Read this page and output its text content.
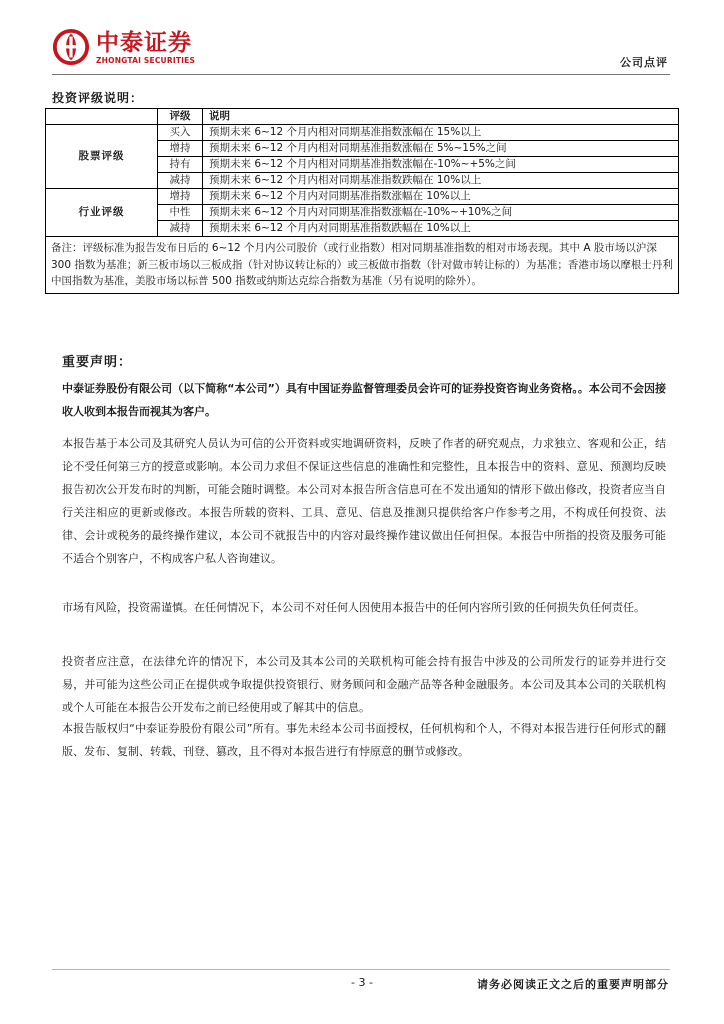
中泰证券
ZHONGTAI SECURITIES	公司点评
投资评级说明：
	评级	说明
股票评级	买入	预期未来 6~12 个月内相对同期基准指数涨幅在 15%以上
	增持	预期未来 6~12 个月内相对同期基准指数涨幅在 5%~15%之间
	持有	预期未来 6~12 个月内相对同期基准指数涨幅在-10%~+5%之间
	减持	预期未来 6~12 个月内相对同期基准指数跌幅在 10%以上
行业评级	增持	预期未来 6~12 个月内对同期基准指数涨幅在 10%以上
	中性	预期未来 6~12 个月内对同期基准指数涨幅在-10%~+10%之间
	减持	预期未来 6~12 个月内对同期基准指数跌幅在 10%以上
备注：评级标准为报告发布日后的 6~12 个月内公司股价（或行业指数）相对同期基准指数的相对市场表现。其中 A 股市场以沪深 300 指数为基准；新三板市场以三板成指（针对协议转让标的）或三板做市指数（针对做市转让标的）为基准；香港市场以摩根士丹利中国指数为基准，美股市场以标普 500 指数或纳斯达克综合指数为基准（另有说明的除外）。		
重要声明：
中泰证券股份有限公司（以下简称“本公司”）具有中国证券监督管理委员会许可的证券投资咨询业务资格。。本公司不会因接收人收到本报告而视其为客户。
本报告基于本公司及其研究人员认为可信的公开资料或实地调研资料，反映了作者的研究观点，力求独立、客观和公正，结论不受任何第三方的授意或影响。本公司力求但不保证这些信息的准确性和完整性，且本报告中的资料、意见、预测均反映报告初次公开发布时的判断，可能会随时调整。本公司对本报告所含信息可在不发出通知的情形下做出修改，投资者应当自行关注相应的更新或修改。本报告所载的资料、工具、意见、信息及推测只提供给客户作参考之用，不构成任何投资、法律、会计或税务的最终操作建议，本公司不就报告中的内容对最终操作建议做出任何担保。本报告中所指的投资及服务可能不适合个别客户，不构成客户私人咨询建议。
市场有风险，投资需谨慎。在任何情况下，本公司不对任何人因使用本报告中的任何内容所引致的任何损失负任何责任。
投资者应注意，在法律允许的情况下，本公司及其本公司的关联机构可能会持有报告中涉及的公司所发行的证券并进行交易，并可能为这些公司正在提供或争取提供投资银行、财务顾问和金融产品等各种金融服务。本公司及其本公司的关联机构或个人可能在本报告公开发布之前已经使用或了解其中的信息。
本报告版权归“中泰证券股份有限公司”所有。事先未经本公司书面授权，任何机构和个人，不得对本报告进行任何形式的翻版、发布、复制、转载、刊登、篡改，且不得对本报告进行有悖原意的删节或修改。
- 3 -	请务必阅读正文之后的重要声明部分
